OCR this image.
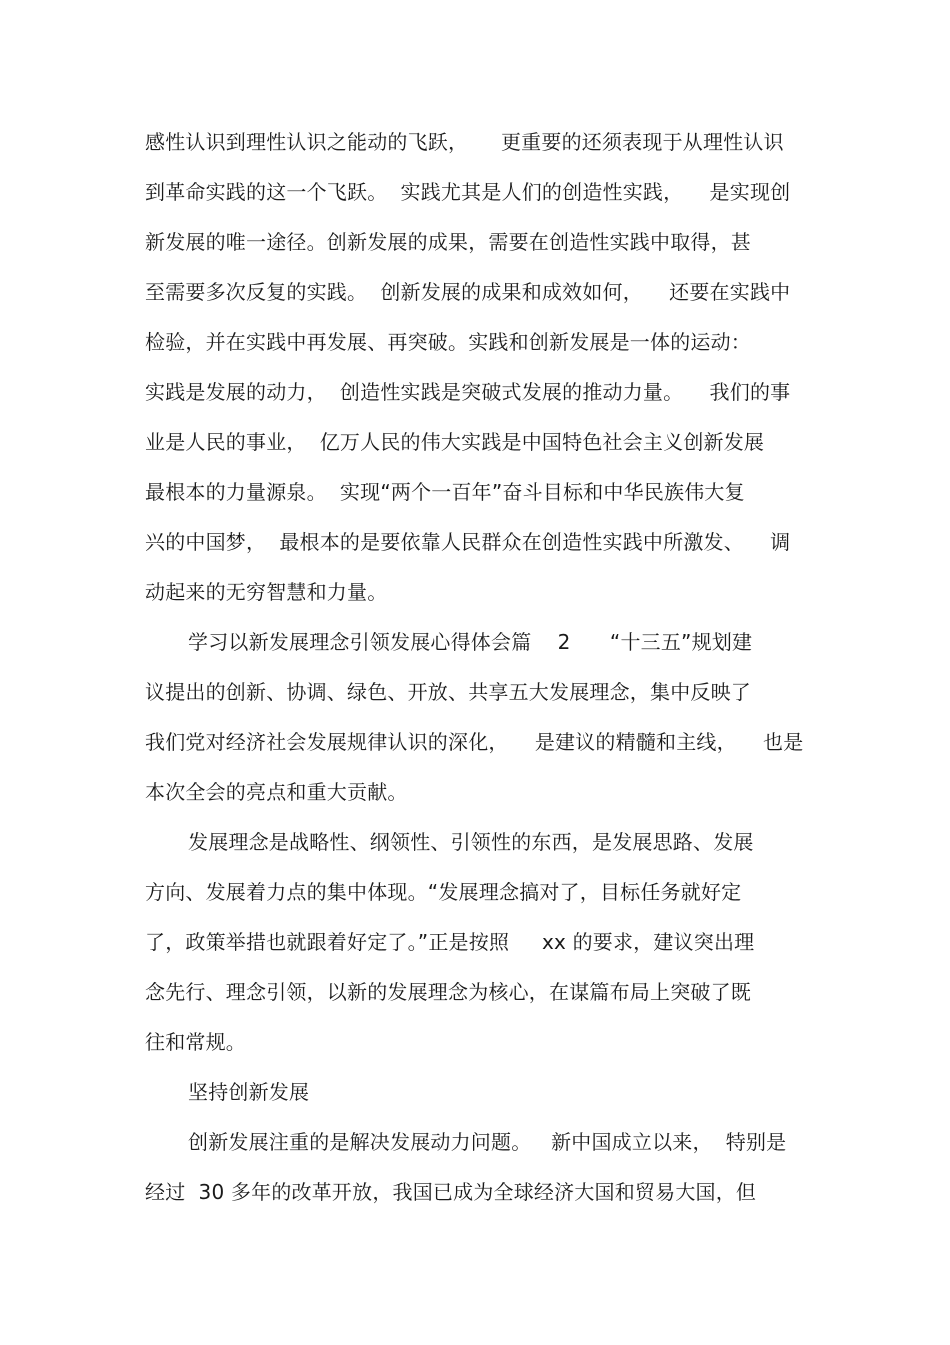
感性认识到理性认识之能动的飞跃，     更重要的还须表现于从理性认识
到革命实践的这一个飞跃。  实践尤其是人们的创造性实践，    是实现创
新发展的唯一途径。创新发展的成果，需要在创造性实践中取得，甚
至需要多次反复的实践。  创新发展的成果和成效如何，    还要在实践中
检验，并在实践中再发展、再突破。实践和创新发展是一体的运动：
实践是发展的动力，  创造性实践是突破式发展的推动力量。    我们的事
业是人民的事业，  亿万人民的伟大实践是中国特色社会主义创新发展
最根本的力量源泉。  实现“两个一百年”奋斗目标和中华民族伟大复
兴的中国梦，  最根本的是要依靠人民群众在创造性实践中所激发、    调
动起来的无穷智慧和力量。
学习以新发展理念引领发展心得体会篇    2      “十三五”规划建
议提出的创新、协调、绿色、开放、共享五大发展理念，集中反映了
我们党对经济社会发展规律认识的深化，    是建议的精髓和主线，    也是
本次全会的亮点和重大贡献。
发展理念是战略性、纲领性、引领性的东西，是发展思路、发展
方向、发展着力点的集中体现。“发展理念搞对了，目标任务就好定
了，政策举措也就跟着好定了。”正是按照     xx 的要求，建议突出理
念先行、理念引领，以新的发展理念为核心，在谋篇布局上突破了既
往和常规。
坚持创新发展
创新发展注重的是解决发展动力问题。   新中国成立以来，  特别是
经过  30 多年的改革开放，我国已成为全球经济大国和贸易大国，但
